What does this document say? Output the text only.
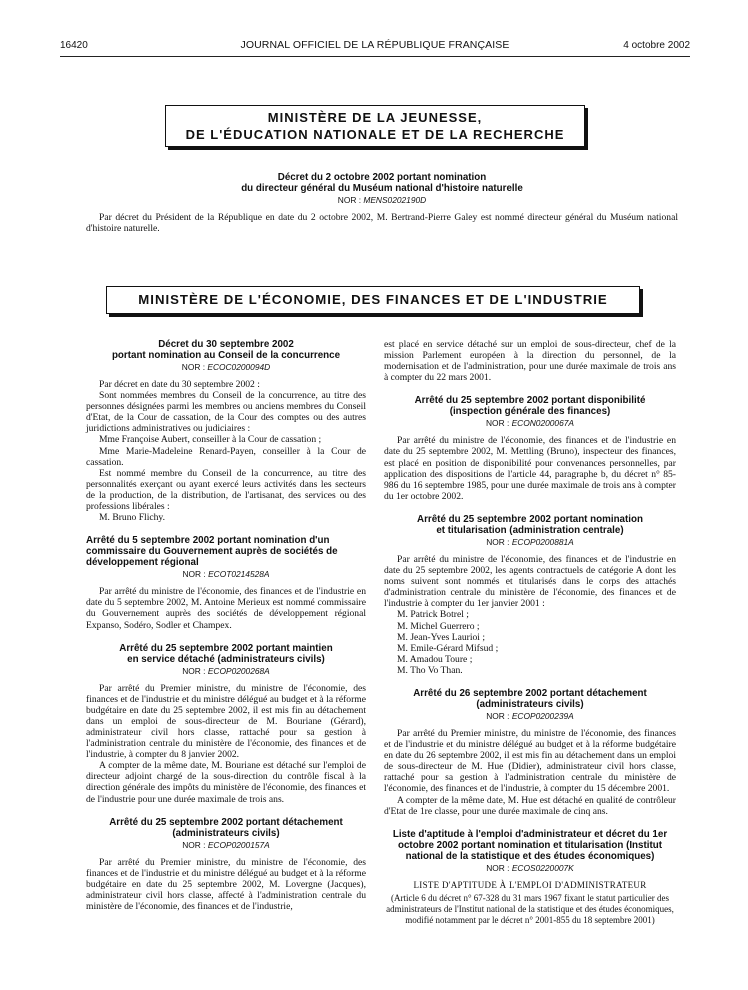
16420	JOURNAL OFFICIEL DE LA RÉPUBLIQUE FRANÇAISE	4 octobre 2002
MINISTÈRE DE LA JEUNESSE,
DE L'ÉDUCATION NATIONALE ET DE LA RECHERCHE
Décret du 2 octobre 2002 portant nomination
du directeur général du Muséum national d'histoire naturelle
NOR : MENS0202190D

Par décret du Président de la République en date du 2 octobre 2002, M. Bertrand-Pierre Galey est nommé directeur général du Muséum national d'histoire naturelle.

MINISTÈRE DE L'ÉCONOMIE, DES FINANCES ET DE L'INDUSTRIE
Décret du 30 septembre 2002
portant nomination au Conseil de la concurrence
NOR : ECOC0200094D

Par décret en date du 30 septembre 2002 :

Sont nommées membres du Conseil de la concurrence, au titre des personnes désignées parmi les membres ou anciens membres du Conseil d'Etat, de la Cour de cassation, de la Cour des comptes ou des autres juridictions administratives ou judiciaires :

Mme Françoise Aubert, conseiller à la Cour de cassation ;

Mme Marie-Madeleine Renard-Payen, conseiller à la Cour de cassation.

Est nommé membre du Conseil de la concurrence, au titre des personnalités exerçant ou ayant exercé leurs activités dans les secteurs de la production, de la distribution, de l'artisanat, des services ou des professions libérales :

M. Bruno Flichy.

Arrêté du 5 septembre 2002 portant nomination d'un commissaire du Gouvernement auprès de sociétés de développement régional
NOR : ECOT0214528A

Par arrêté du ministre de l'économie, des finances et de l'industrie en date du 5 septembre 2002, M. Antoine Merieux est nommé commissaire du Gouvernement auprès des sociétés de développement régional Expanso, Sodéro, Sodler et Champex.

Arrêté du 25 septembre 2002 portant maintien
en service détaché (administrateurs civils)
NOR : ECOP0200268A

Par arrêté du Premier ministre, du ministre de l'économie, des finances et de l'industrie et du ministre délégué au budget et à la réforme budgétaire en date du 25 septembre 2002, il est mis fin au détachement dans un emploi de sous-directeur de M. Bouriane (Gérard), administrateur civil hors classe, rattaché pour sa gestion à l'administration centrale du ministère de l'économie, des finances et de l'industrie, à compter du 8 janvier 2002.

A compter de la même date, M. Bouriane est détaché sur l'emploi de directeur adjoint chargé de la sous-direction du contrôle fiscal à la direction générale des impôts du ministère de l'économie, des finances et de l'industrie pour une durée maximale de trois ans.

Arrêté du 25 septembre 2002 portant détachement
(administrateurs civils)
NOR : ECOP0200157A

Par arrêté du Premier ministre, du ministre de l'économie, des finances et de l'industrie et du ministre délégué au budget et à la réforme budgétaire en date du 25 septembre 2002, M. Lovergne (Jacques), administrateur civil hors classe, affecté à l'administration centrale du ministère de l'économie, des finances et de l'industrie,

est placé en service détaché sur un emploi de sous-directeur, chef de la mission Parlement européen à la direction du personnel, de la modernisation et de l'administration, pour une durée maximale de trois ans à compter du 22 mars 2001.

Arrêté du 25 septembre 2002 portant disponibilité
(inspection générale des finances)
NOR : ECON0200067A

Par arrêté du ministre de l'économie, des finances et de l'industrie en date du 25 septembre 2002, M. Mettling (Bruno), inspecteur des finances, est placé en position de disponibilité pour convenances personnelles, par application des dispositions de l'article 44, paragraphe b, du décret n° 85-986 du 16 septembre 1985, pour une durée maximale de trois ans à compter du 1er octobre 2002.

Arrêté du 25 septembre 2002 portant nomination
et titularisation (administration centrale)
NOR : ECOP0200881A

Par arrêté du ministre de l'économie, des finances et de l'industrie en date du 25 septembre 2002, les agents contractuels de catégorie A dont les noms suivent sont nommés et titularisés dans le corps des attachés d'administration centrale du ministère de l'économie, des finances et de l'industrie à compter du 1er janvier 2001 :

M. Patrick Botrel ;
M. Michel Guerrero ;
M. Jean-Yves Laurioi ;
M. Emile-Gérard Mifsud ;
M. Amadou Toure ;
M. Tho Vo Than.
Arrêté du 26 septembre 2002 portant détachement
(administrateurs civils)
NOR : ECOP0200239A

Par arrêté du Premier ministre, du ministre de l'économie, des finances et de l'industrie et du ministre délégué au budget et à la réforme budgétaire en date du 26 septembre 2002, il est mis fin au détachement dans un emploi de sous-directeur de M. Hue (Didier), administrateur civil hors classe, rattaché pour sa gestion à l'administration centrale du ministère de l'économie, des finances et de l'industrie, à compter du 15 décembre 2001.

A compter de la même date, M. Hue est détaché en qualité de contrôleur d'Etat de 1re classe, pour une durée maximale de cinq ans.

Liste d'aptitude à l'emploi d'administrateur et décret du 1er octobre 2002 portant nomination et titularisation (Institut national de la statistique et des études économiques)
NOR : ECOS0220007K
LISTE D'APTITUDE À L'EMPLOI D'ADMINISTRATEUR
(Article 6 du décret n° 67-328 du 31 mars 1967 fixant le statut particulier des administrateurs de l'Institut national de la statistique et des études économiques, modifié notamment par le décret n° 2001-855 du 18 septembre 2001)
